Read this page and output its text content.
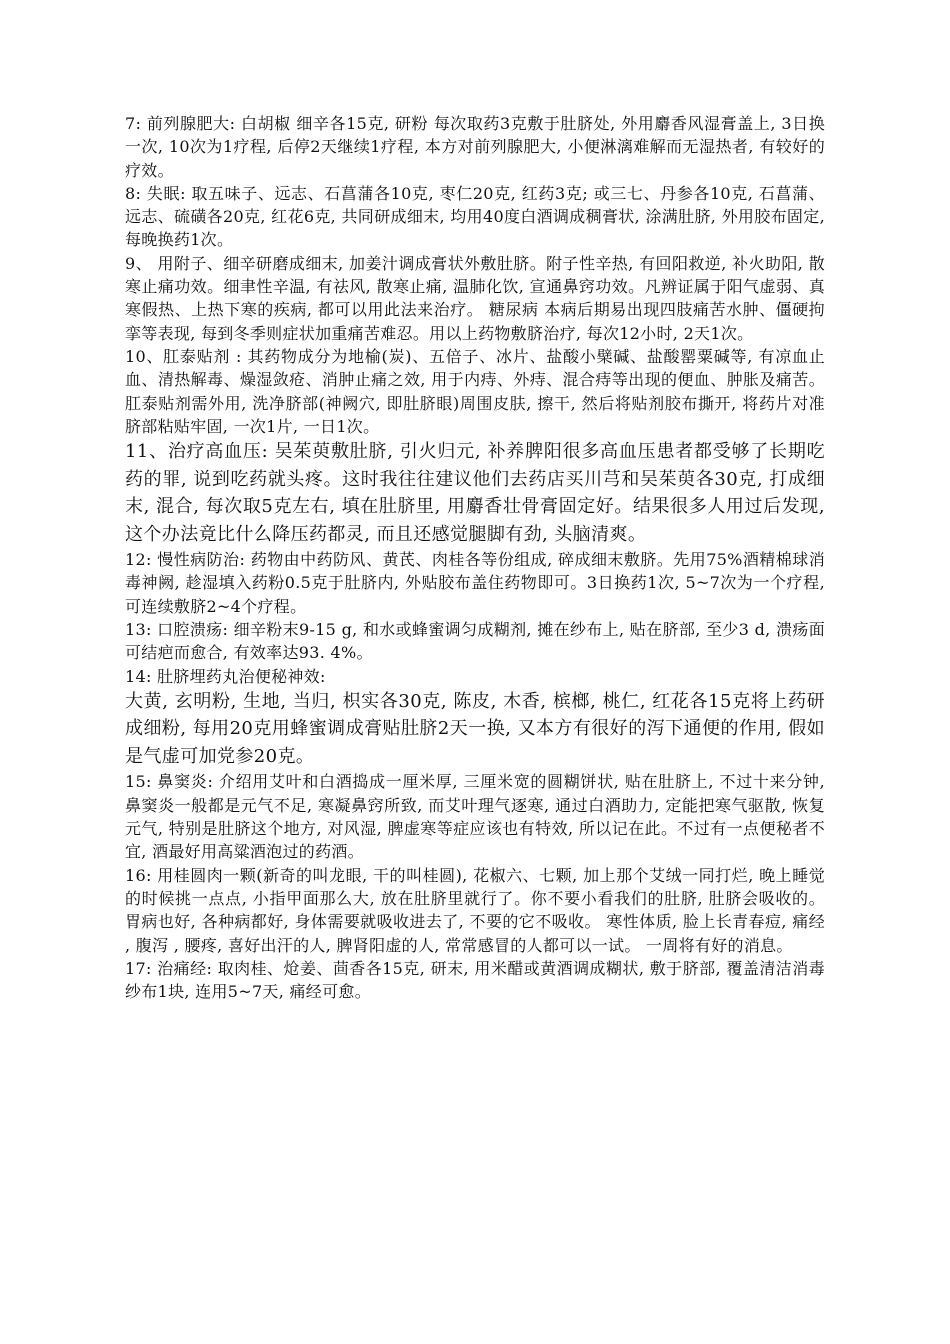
7: 前列腺肥大: 白胡椒 细辛各15克, 研粉 每次取药3克敷于肚脐处, 外用麝香风湿膏盖上, 3日换一次, 10次为1疗程, 后停2天继续1疗程, 本方对前列腺肥大, 小便淋漓难解而无湿热者, 有较好的疗效。

8: 失眠: 取五味子、远志、石菖蒲各10克, 枣仁20克, 红药3克; 或三七、丹参各10克, 石菖蒲、远志、硫磺各20克, 红花6克, 共同研成细末, 均用40度白酒调成稠膏状, 涂满肚脐, 外用胶布固定, 每晚换药1次。

9、 用附子、细辛研磨成细末, 加姜汁调成膏状外敷肚脐。附子性辛热, 有回阳救逆, 补火助阳, 散寒止痛功效。细聿性辛温, 有祛风, 散寒止痛, 温肺化饮, 宣通鼻窍功效。凡辨证属于阳气虚弱、真寒假热、上热下寒的疾病, 都可以用此法来治疗。 糖尿病 本病后期易出现四肢痛苦水肿、僵硬拘挛等表现, 每到冬季则症状加重痛苦难忍。用以上药物敷脐治疗, 每次12小时, 2天1次。

10、肛泰贴剂 : 其药物成分为地榆(炭)、五倍子、冰片、盐酸小檗碱、盐酸罂粟碱等, 有凉血止血、清热解毒、燥湿敛疮、消肿止痛之效, 用于内痔、外痔、混合痔等出现的便血、肿胀及痛苦。肛泰贴剂需外用, 洗净脐部(神阙穴, 即肚脐眼)周围皮肤, 擦干, 然后将贴剂胶布撕开, 将药片对准脐部粘贴牢固, 一次1片, 一日1次。

11、治疗高血压: 吴茱萸敷肚脐, 引火归元, 补养脾阳很多高血压患者都受够了长期吃药的罪, 说到吃药就头疼。这时我往往建议他们去药店买川芎和吴茱萸各30克, 打成细末, 混合, 每次取5克左右, 填在肚脐里, 用麝香壮骨膏固定好。结果很多人用过后发现, 这个办法竟比什么降压药都灵, 而且还感觉腿脚有劲, 头脑清爽。

12: 慢性病防治: 药物由中药防风、黄芪、肉桂各等份组成, 碎成细末敷脐。先用75%酒精棉球消毒神阙, 趁湿填入药粉0.5克于肚脐内, 外贴胶布盖住药物即可。3日换药1次, 5~7次为一个疗程, 可连续敷脐2~4个疗程。

13: 口腔溃疡: 细辛粉末9-15 g, 和水或蜂蜜调匀成糊剂, 摊在纱布上, 贴在脐部, 至少3 d, 溃疡面可结疤而愈合, 有效率达93. 4%。

14: 肚脐埋药丸治便秘神效:

大黄, 玄明粉, 生地, 当归, 枳实各30克, 陈皮, 木香, 槟榔, 桃仁, 红花各15克将上药研成细粉, 每用20克用蜂蜜调成膏贴肚脐2天一换, 又本方有很好的泻下通便的作用, 假如是气虚可加党参20克。

15: 鼻窦炎: 介绍用艾叶和白酒捣成一厘米厚, 三厘米宽的圆糊饼状, 贴在肚脐上, 不过十来分钟, 鼻窦炎一般都是元气不足, 寒凝鼻窍所致, 而艾叶理气逐寒, 通过白酒助力, 定能把寒气驱散, 恢复元气, 特别是肚脐这个地方, 对风湿, 脾虚寒等症应该也有特效, 所以记在此。不过有一点便秘者不宜, 酒最好用高粱酒泡过的药酒。

16: 用桂圆肉一颗(新奇的叫龙眼, 干的叫桂圆), 花椒六、七颗, 加上那个艾绒一同打烂, 晚上睡觉的时候挑一点点, 小指甲面那么大, 放在肚脐里就行了。你不要小看我们的肚脐, 肚脐会吸收的。胃病也好, 各种病都好, 身体需要就吸收进去了, 不要的它不吸收。 寒性体质, 脸上长青春痘, 痛经 , 腹泻 , 腰疼, 喜好出汗的人, 脾肾阳虚的人, 常常感冒的人都可以一试。 一周将有好的消息。

17: 治痛经: 取肉桂、炝姜、茴香各15克, 研末, 用米醋或黄酒调成糊状, 敷于脐部, 覆盖清洁消毒纱布1块, 连用5~7天, 痛经可愈。
